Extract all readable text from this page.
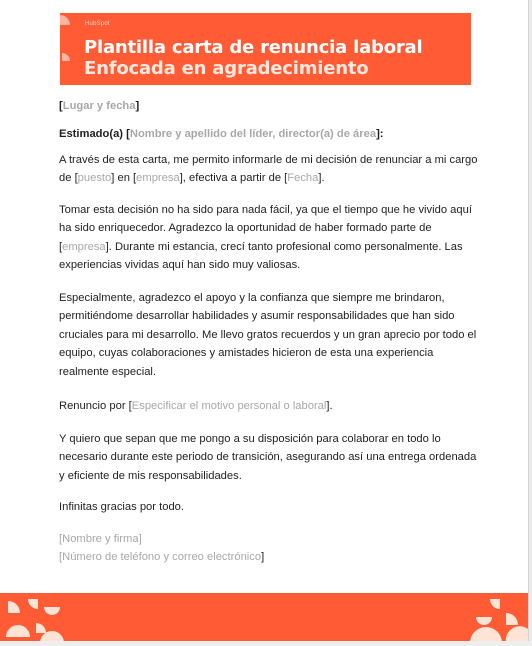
HubSpot
Plantilla carta de renuncia laboral
Enfocada en agradecimiento
[Lugar y fecha]
Estimado(a) [Nombre y apellido del líder, director(a) de área]:
A través de esta carta, me permito informarle de mi decisión de renunciar a mi cargo de [puesto] en [empresa], efectiva a partir de [Fecha].
Tomar esta decisión no ha sido para nada fácil, ya que el tiempo que he vivido aquí ha sido enriquecedor. Agradezco la oportunidad de haber formado parte de [empresa]. Durante mi estancia, crecí tanto profesional como personalmente. Las experiencias vividas aquí han sido muy valiosas.
Especialmente, agradezco el apoyo y la confianza que siempre me brindaron, permitiéndome desarrollar habilidades y asumir responsabilidades que han sido cruciales para mi desarrollo. Me llevo gratos recuerdos y un gran aprecio por todo el equipo, cuyas colaboraciones y amistades hicieron de esta una experiencia realmente especial.
Renuncio por [Especificar el motivo personal o laboral].
Y quiero que sepan que me pongo a su disposición para colaborar en todo lo necesario durante este periodo de transición, asegurando así una entrega ordenada y eficiente de mis responsabilidades.
Infinitas gracias por todo.
[Nombre y firma]
[Número de teléfono y correo electrónico]
